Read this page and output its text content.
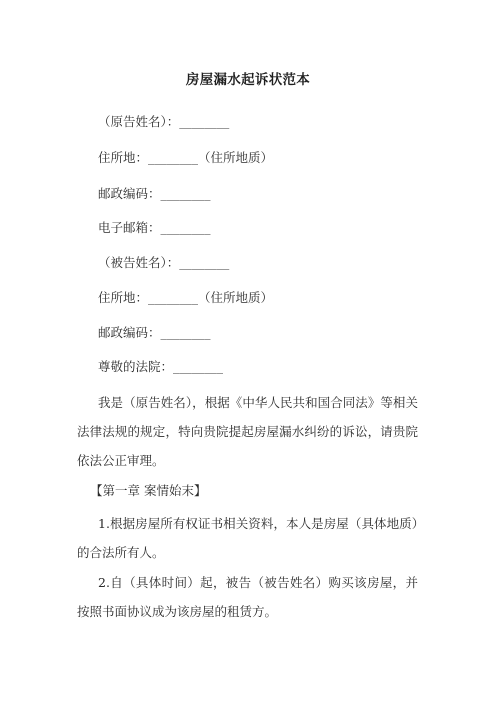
房屋漏水起诉状范本
（原告姓名）：________
住所地：________（住所地质）
邮政编码：________
电子邮箱：________
（被告姓名）：________
住所地：________（住所地质）
邮政编码：________
尊敬的法院：________
我是（原告姓名），根据《中华人民共和国合同法》等相关法律法规的规定，特向贵院提起房屋漏水纠纷的诉讼，请贵院依法公正审理。
【第一章 案情始末】
1.根据房屋所有权证书相关资料，本人是房屋（具体地质）的合法所有人。
2.自（具体时间）起，被告（被告姓名）购买该房屋，并按照书面协议成为该房屋的租赁方。
